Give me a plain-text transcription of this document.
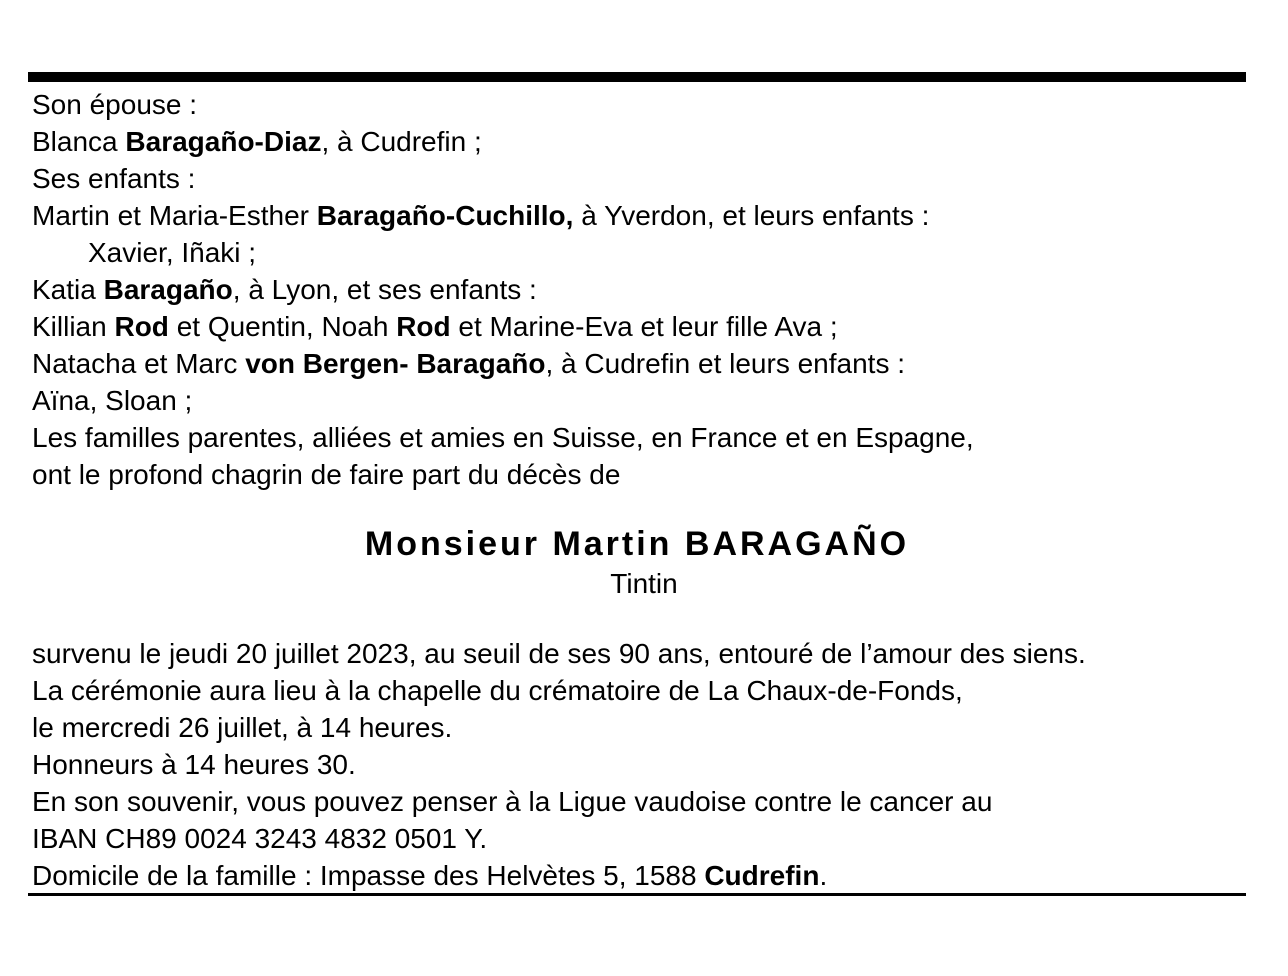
Son épouse :
Blanca Baragaño-Diaz, à Cudrefin ;
Ses enfants :
Martin et Maria-Esther Baragaño-Cuchillo, à Yverdon, et leurs enfants :
Xavier, Iñaki ;
Katia Baragaño, à Lyon, et ses enfants :
Killian Rod et Quentin, Noah Rod et Marine-Eva et leur fille Ava ;
Natacha et Marc von Bergen- Baragaño, à Cudrefin et leurs enfants :
Aïna, Sloan ;
Les familles parentes, alliées et amies en Suisse, en France et en Espagne,
ont le profond chagrin de faire part du décès de
Monsieur Martin BARAGAÑO
Tintin
survenu le jeudi 20 juillet 2023, au seuil de ses 90 ans, entouré de l’amour des siens.
La cérémonie aura lieu à la chapelle du crématoire de La Chaux-de-Fonds,
le mercredi 26 juillet, à 14 heures.
Honneurs à 14 heures 30.
En son souvenir, vous pouvez penser à la Ligue vaudoise contre le cancer au
IBAN CH89 0024 3243 4832 0501 Y.
Domicile de la famille : Impasse des Helvètes 5, 1588 Cudrefin.
